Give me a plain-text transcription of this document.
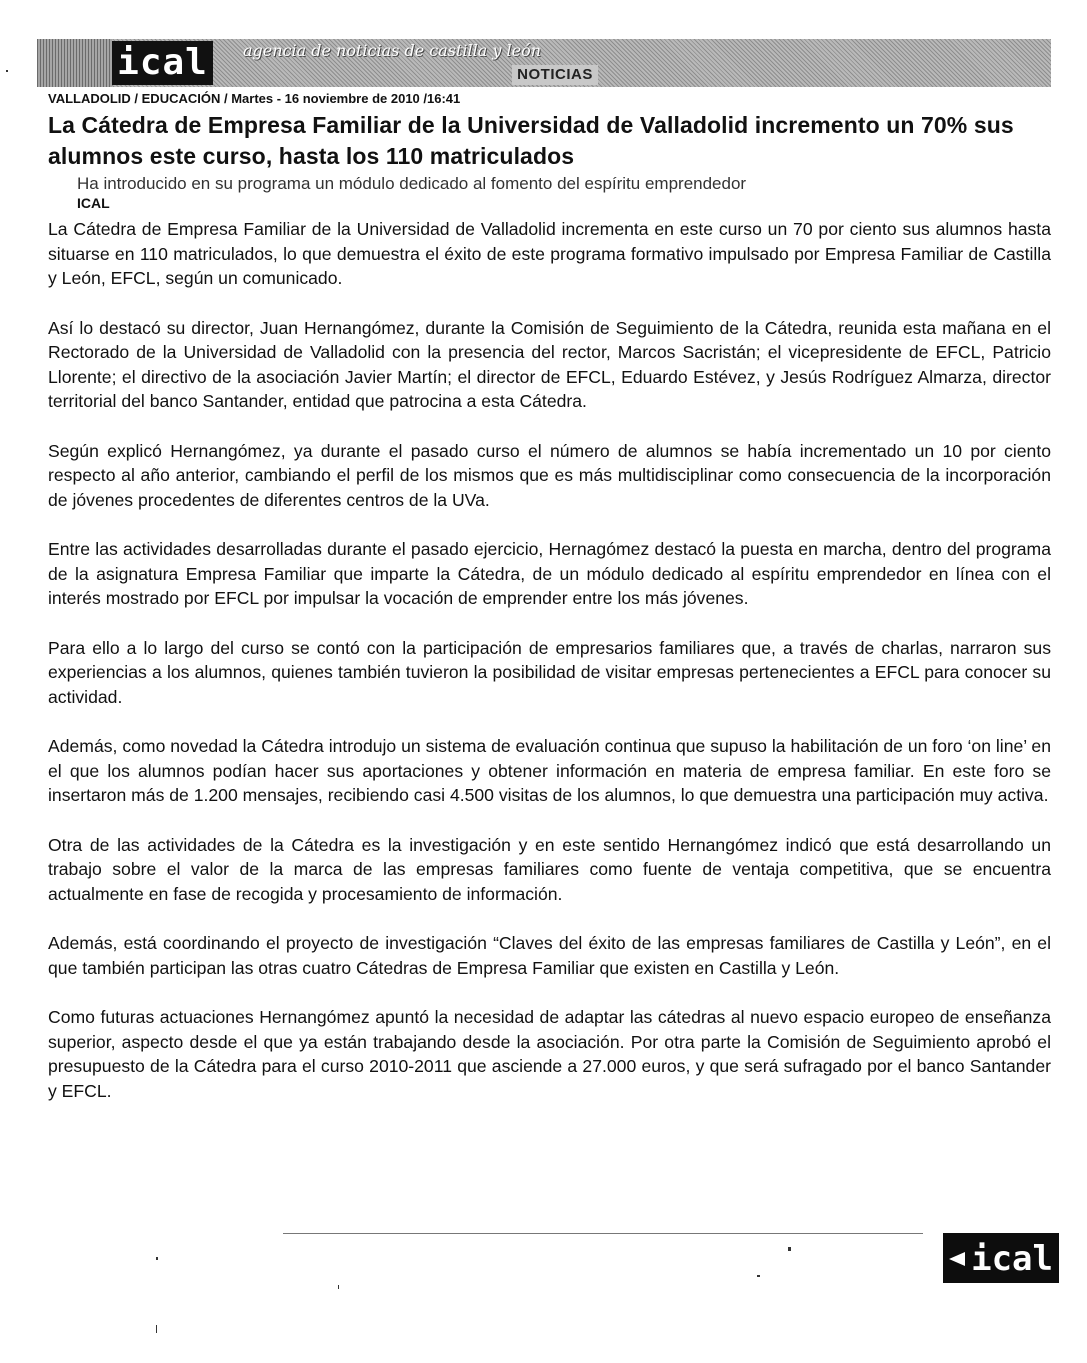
ical	agencia de noticias de castilla y león
NOTICIAS
VALLADOLID / EDUCACIÓN / Martes - 16 noviembre de 2010 /16:41
La Cátedra de Empresa Familiar de la Universidad de Valladolid incremento un 70% sus alumnos este curso, hasta los 110 matriculados
Ha introducido en su programa un módulo dedicado al fomento del espíritu emprendedor
ICAL

La Cátedra de Empresa Familiar de la Universidad de Valladolid incrementa en este curso un 70 por ciento sus alumnos hasta situarse en 110 matriculados, lo que demuestra el éxito de este programa formativo impulsado por Empresa Familiar de Castilla y León, EFCL, según un comunicado.

Así lo destacó su director, Juan Hernangómez, durante la Comisión de Seguimiento de la Cátedra, reunida esta mañana en el Rectorado de la Universidad de Valladolid con la presencia del rector, Marcos Sacristán; el vicepresidente de EFCL, Patricio Llorente; el directivo de la asociación Javier Martín; el director de EFCL, Eduardo Estévez, y Jesús Rodríguez Almarza, director territorial del banco Santander, entidad que patrocina a esta Cátedra.

Según explicó Hernangómez, ya durante el pasado curso el número de alumnos se había incrementado un 10 por ciento respecto al año anterior, cambiando el perfil de los mismos que es más multidisciplinar como consecuencia de la incorporación de jóvenes procedentes de diferentes centros de la UVa.

Entre las actividades desarrolladas durante el pasado ejercicio, Hernagómez destacó la puesta en marcha, dentro del programa de la asignatura Empresa Familiar que imparte la Cátedra, de un módulo dedicado al espíritu emprendedor en línea con el interés mostrado por EFCL por impulsar la vocación de emprender entre los más jóvenes.

Para ello a lo largo del curso se contó con la participación de empresarios familiares que, a través de charlas, narraron sus experiencias a los alumnos, quienes también tuvieron la posibilidad de visitar empresas pertenecientes a EFCL para conocer su actividad.

Además, como novedad la Cátedra introdujo un sistema de evaluación continua que supuso la habilitación de un foro ‘on line’ en el que los alumnos podían hacer sus aportaciones y obtener información en materia de empresa familiar. En este foro se insertaron más de 1.200 mensajes, recibiendo casi 4.500 visitas de los alumnos, lo que demuestra una participación muy activa.

Otra de las actividades de la Cátedra es la investigación y en este sentido Hernangómez indicó que está desarrollando un trabajo sobre el valor de la marca de las empresas familiares como fuente de ventaja competitiva, que se encuentra actualmente en fase de recogida y procesamiento de información.

Además, está coordinando el proyecto de investigación “Claves del éxito de las empresas familiares de Castilla y León”, en el que también participan las otras cuatro Cátedras de Empresa Familiar que existen en Castilla y León.

Como futuras actuaciones Hernangómez apuntó la necesidad de adaptar las cátedras al nuevo espacio europeo de enseñanza superior, aspecto desde el que ya están trabajando desde la asociación. Por otra parte la Comisión de Seguimiento aprobó el presupuesto de la Cátedra para el curso 2010-2011 que asciende a 27.000 euros, y que será sufragado por el banco Santander y EFCL.

ical
